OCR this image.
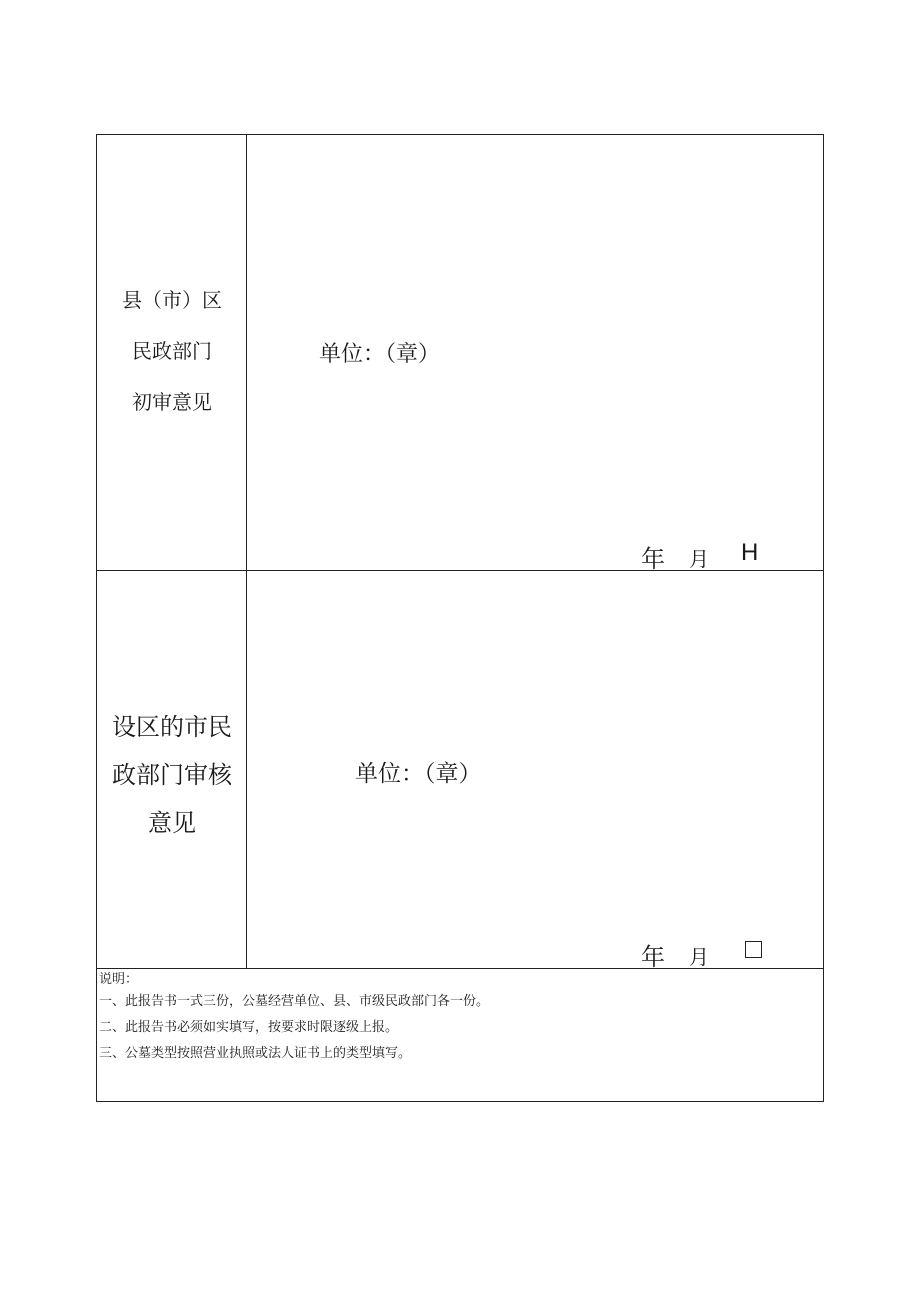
县（市）区
民政部门
初审意见
单位：（章）
年 月 H
设区的市民
政部门审核
意见
单位：（章）
年 月
说明：
一、此报告书一式三份，公墓经营单位、县、市级民政部门各一份。
二、此报告书必须如实填写，按要求时限逐级上报。
三、公墓类型按照营业执照或法人证书上的类型填写。
